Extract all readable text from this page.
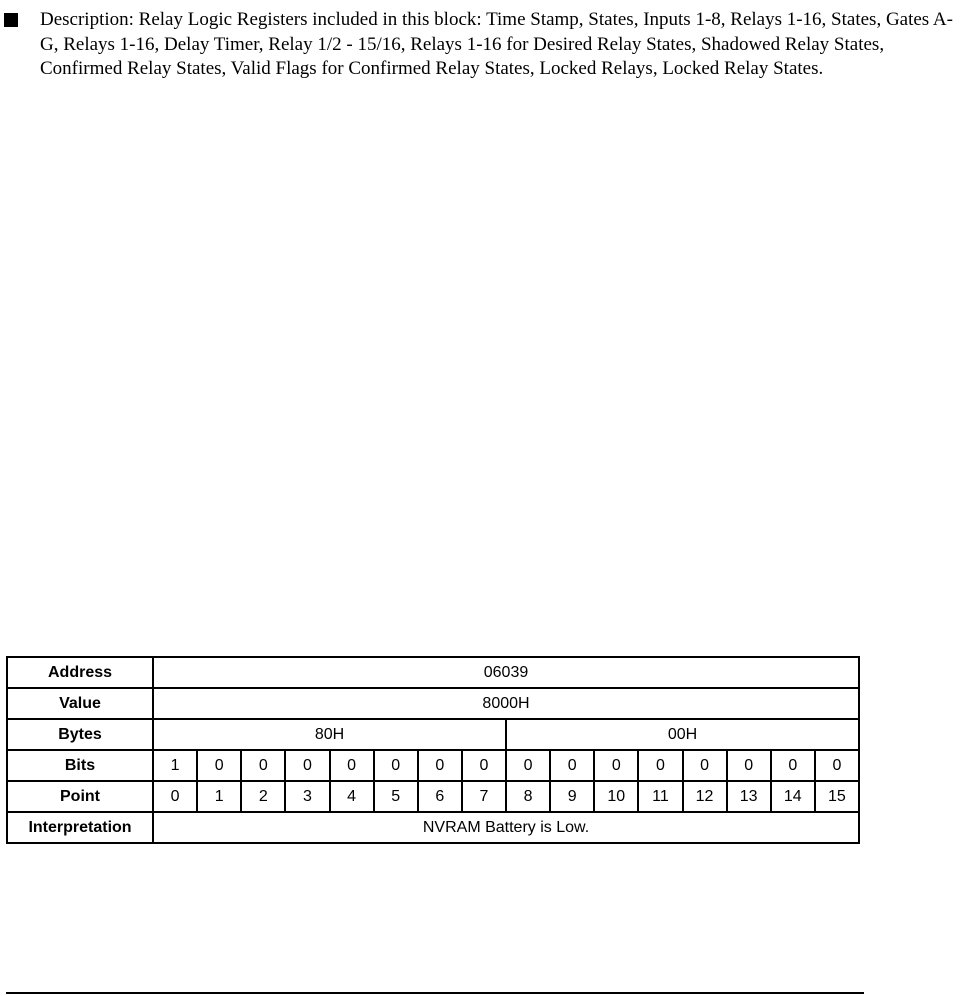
Description: Relay Logic Registers included in this block: Time Stamp, States, Inputs 1-8, Relays 1-16, States, Gates A-G, Relays 1-16, Delay Timer, Relay 1/2 - 15/16, Relays 1-16 for Desired Relay States, Shadowed Relay States, Confirmed Relay States, Valid Flags for Confirmed Relay States, Locked Relays, Locked Relay States.
Address	06039															
Value	8000H															
Bytes	80H								00H							
Bits	1	0	0	0	0	0	0	0	0	0	0	0	0	0	0	0
Point	0	1	2	3	4	5	6	7	8	9	10	11	12	13	14	15
Interpretation	NVRAM Battery is Low.															
